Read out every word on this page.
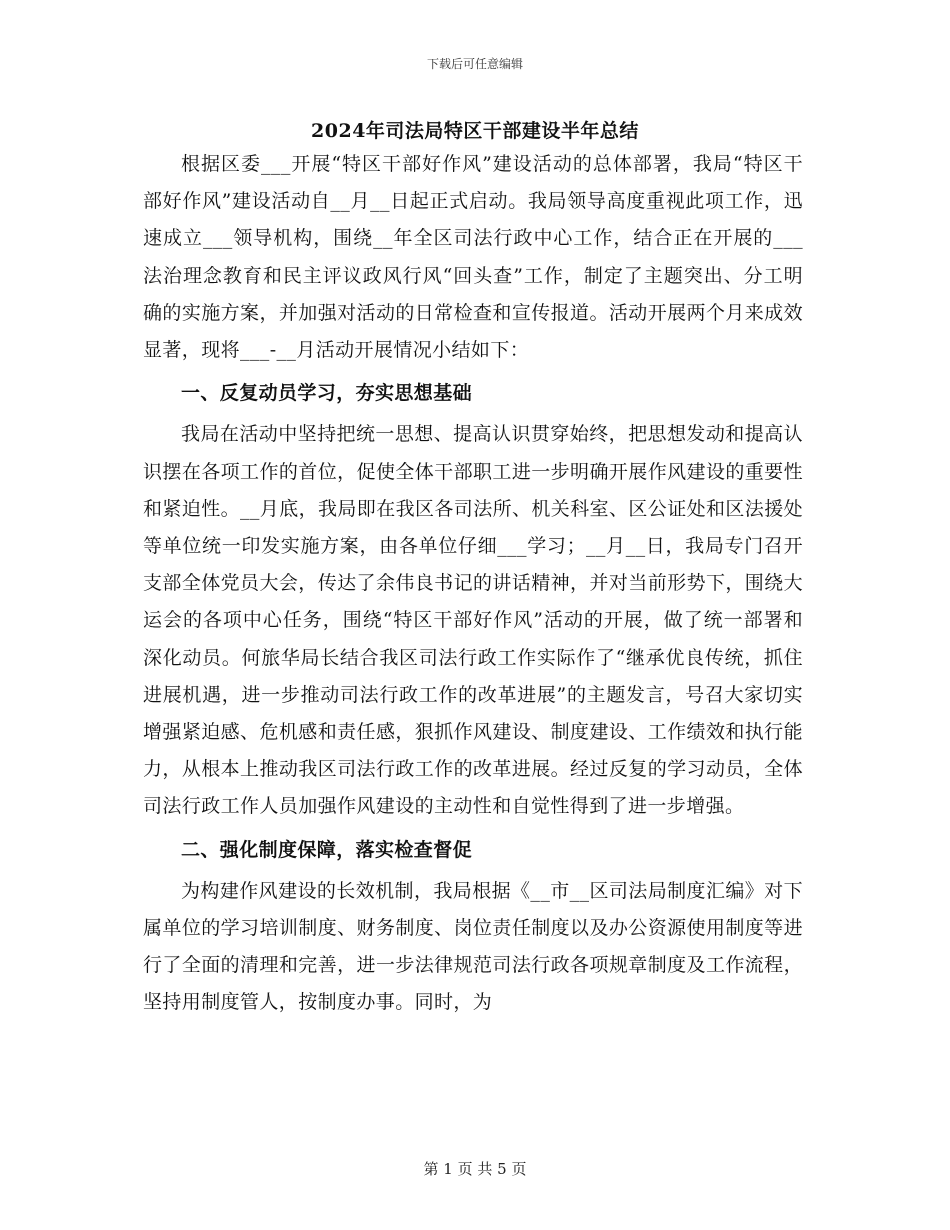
下载后可任意编辑
2024年司法局特区干部建设半年总结

根据区委___开展“特区干部好作风”建设活动的总体部署，我局“特区干部好作风”建设活动自__月__日起正式启动。我局领导高度重视此项工作，迅速成立___领导机构，围绕__年全区司法行政中心工作，结合正在开展的___法治理念教育和民主评议政风行风“回头查”工作，制定了主题突出、分工明确的实施方案，并加强对活动的日常检查和宣传报道。活动开展两个月来成效显著，现将___-__月活动开展情况小结如下：

一、反复动员学习，夯实思想基础

我局在活动中坚持把统一思想、提高认识贯穿始终，把思想发动和提高认识摆在各项工作的首位，促使全体干部职工进一步明确开展作风建设的重要性和紧迫性。__月底，我局即在我区各司法所、机关科室、区公证处和区法援处等单位统一印发实施方案，由各单位仔细___学习；__月__日，我局专门召开支部全体党员大会，传达了余伟良书记的讲话精神，并对当前形势下，围绕大运会的各项中心任务，围绕“特区干部好作风”活动的开展，做了统一部署和深化动员。何旅华局长结合我区司法行政工作实际作了“继承优良传统，抓住进展机遇，进一步推动司法行政工作的改革进展”的主题发言，号召大家切实增强紧迫感、危机感和责任感，狠抓作风建设、制度建设、工作绩效和执行能力，从根本上推动我区司法行政工作的改革进展。经过反复的学习动员，全体司法行政工作人员加强作风建设的主动性和自觉性得到了进一步增强。

二、强化制度保障，落实检查督促

为构建作风建设的长效机制，我局根据《__市__区司法局制度汇编》对下属单位的学习培训制度、财务制度、岗位责任制度以及办公资源使用制度等进行了全面的清理和完善，进一步法律规范司法行政各项规章制度及工作流程，坚持用制度管人，按制度办事。同时，为

第 1 页 共 5 页
